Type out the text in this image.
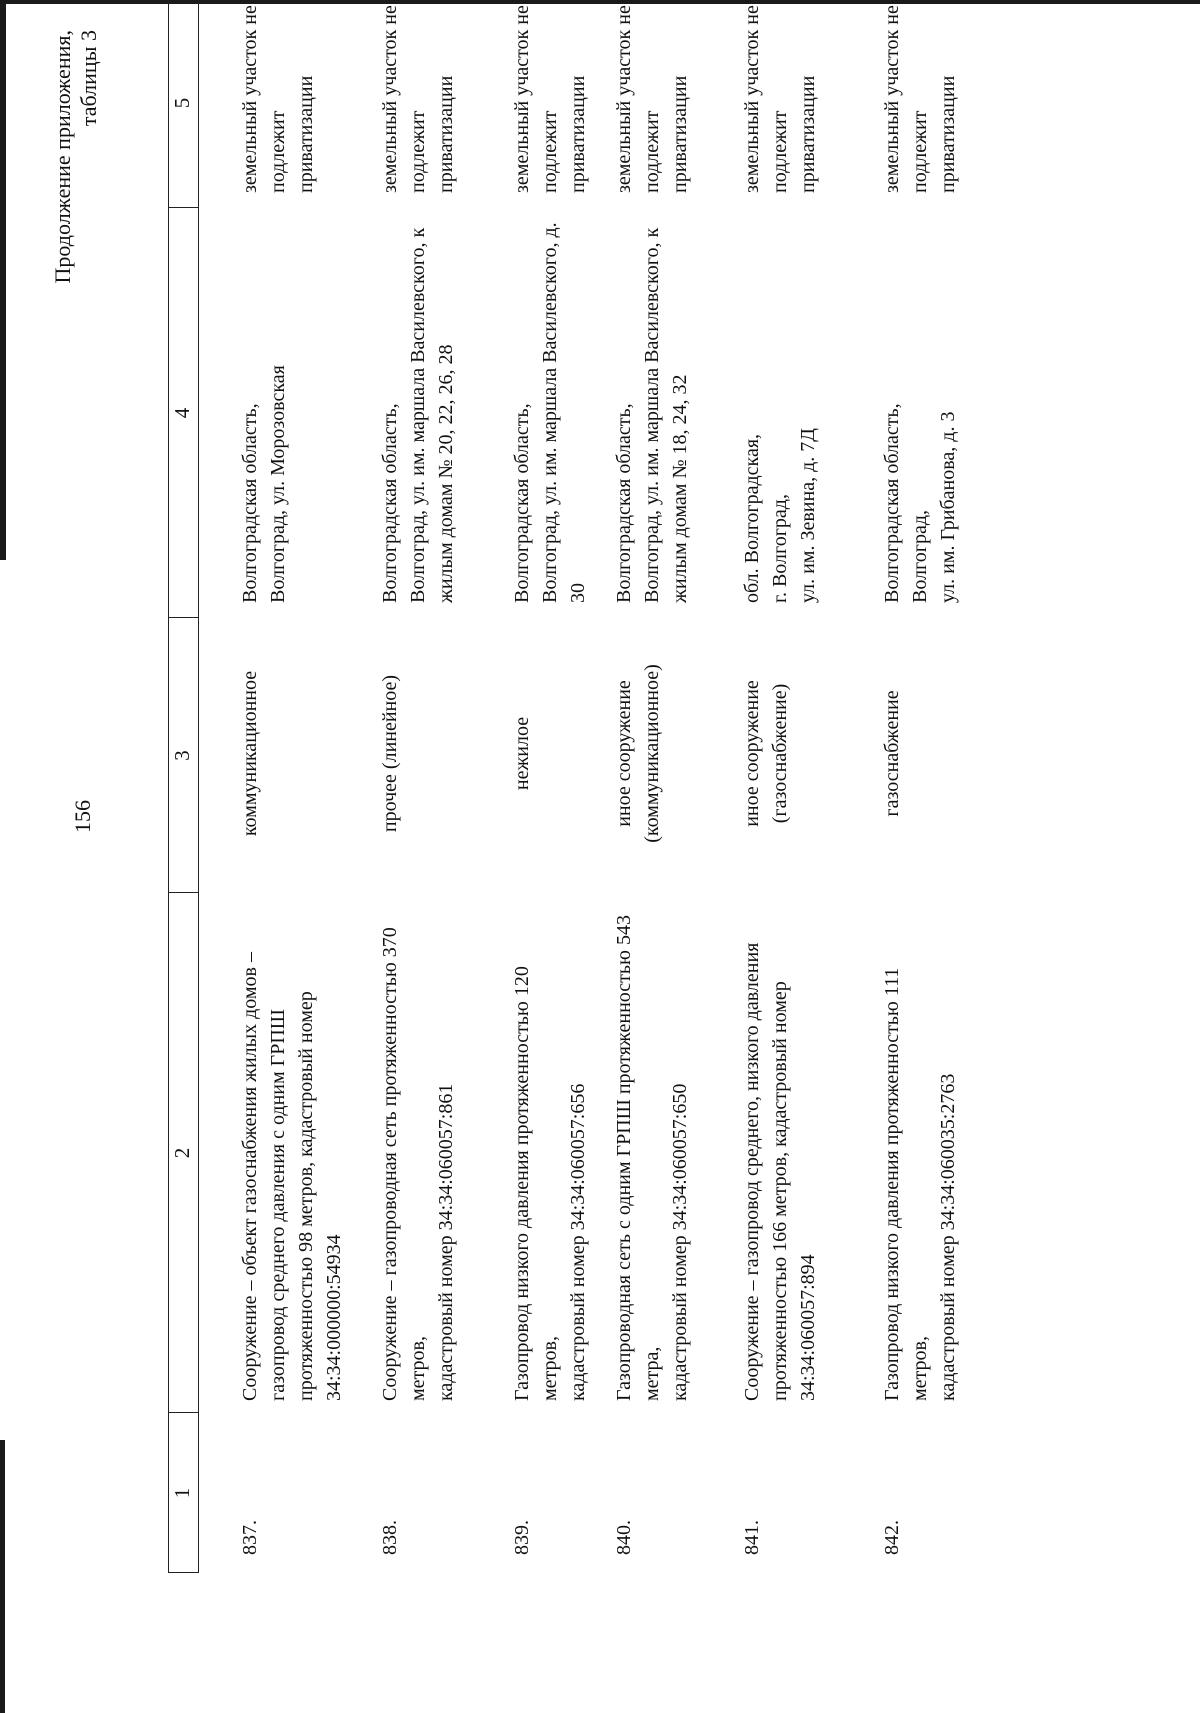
156
Продолжение приложения,
таблицы 3
1
2
3
4
5
837.
Сооружение – объект газоснабжения жилых домов – газопровод среднего давления с одним ГРПШ протяженностью 98 метров, кадастровый номер 34:34:000000:54934
коммуникационное
Волгоградская область,
Волгоград, ул. Морозовская
земельный участок не подлежит приватизации
838.
Сооружение – газопроводная сеть протяженностью 370 метров,
кадастровый номер 34:34:060057:861
прочее (линейное)
Волгоградская область,
Волгоград, ул. им. маршала Василевского, к жилым домам № 20, 22, 26, 28
земельный участок не подлежит приватизации
839.
Газопровод низкого давления протяженностью 120 метров,
кадастровый номер 34:34:060057:656
нежилое
Волгоградская область,
Волгоград, ул. им. маршала Василевского, д. 30
земельный участок не подлежит приватизации
840.
Газопроводная сеть с одним ГРПШ протяженностью 543 метра,
кадастровый номер 34:34:060057:650
иное сооружение (коммуникационное)
Волгоградская область,
Волгоград, ул. им. маршала Василевского, к жилым домам № 18, 24, 32
земельный участок не подлежит приватизации
841.
Сооружение – газопровод среднего, низкого давления протяженностью 166 метров, кадастровый номер 34:34:060057:894
иное сооружение (газоснабжение)
обл. Волгоградская,
г. Волгоград,
ул. им. Зевина, д. 7Д
земельный участок не подлежит приватизации
842.
Газопровод низкого давления протяженностью 111 метров,
кадастровый номер 34:34:060035:2763
газоснабжение
Волгоградская область,
Волгоград,
ул. им. Грибанова, д. 3
земельный участок не подлежит приватизации
